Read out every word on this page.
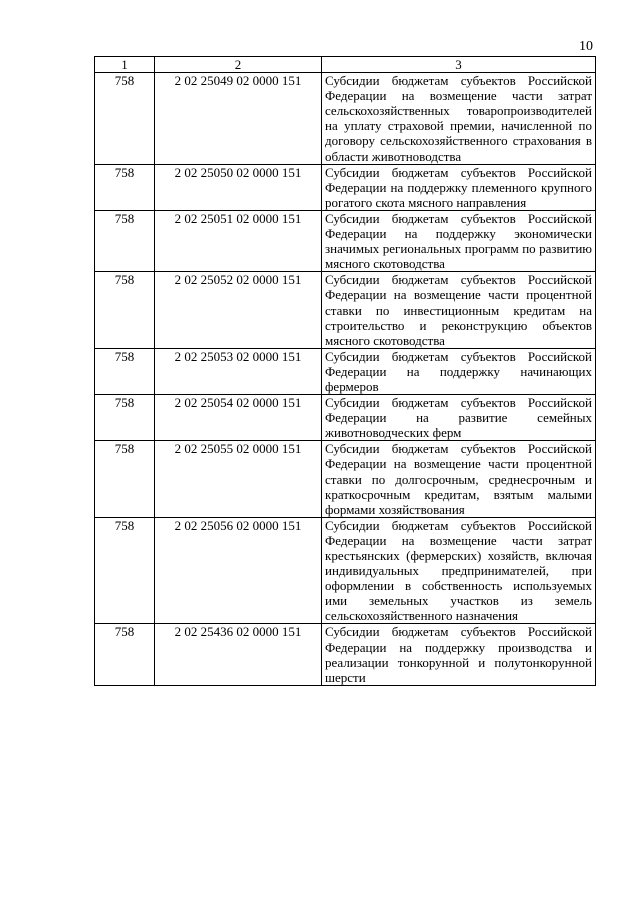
10
1	2	3
758	2 02 25049 02 0000 151	Субсидии бюджетам субъектов Российской Федерации на возмещение части затрат сельскохозяйственных товаропроизводителей на уплату страховой премии, начисленной по договору сельскохозяйственного страхования в области животноводства
758	2 02 25050 02 0000 151	Субсидии бюджетам субъектов Российской Федерации на поддержку племенного крупного рогатого скота мясного направления
758	2 02 25051 02 0000 151	Субсидии бюджетам субъектов Российской Федерации на поддержку экономически значимых региональных программ по развитию мясного скотоводства
758	2 02 25052 02 0000 151	Субсидии бюджетам субъектов Российской Федерации на возмещение части процентной ставки по инвестиционным кредитам на строительство и реконструкцию объектов мясного скотоводства
758	2 02 25053 02 0000 151	Субсидии бюджетам субъектов Российской Федерации на поддержку начинающих фермеров
758	2 02 25054 02 0000 151	Субсидии бюджетам субъектов Российской Федерации на развитие семейных животноводческих ферм
758	2 02 25055 02 0000 151	Субсидии бюджетам субъектов Российской Федерации на возмещение части процентной ставки по долгосрочным, среднесрочным и краткосрочным кредитам, взятым малыми формами хозяйствования
758	2 02 25056 02 0000 151	Субсидии бюджетам субъектов Российской Федерации на возмещение части затрат крестьянских (фермерских) хозяйств, включая индивидуальных предпринимателей, при оформлении в собственность используемых ими земельных участков из земель сельскохозяйственного назначения
758	2 02 25436 02 0000 151	Субсидии бюджетам субъектов Российской Федерации на поддержку производства и реализации тонкорунной и полутонкорунной шерсти
